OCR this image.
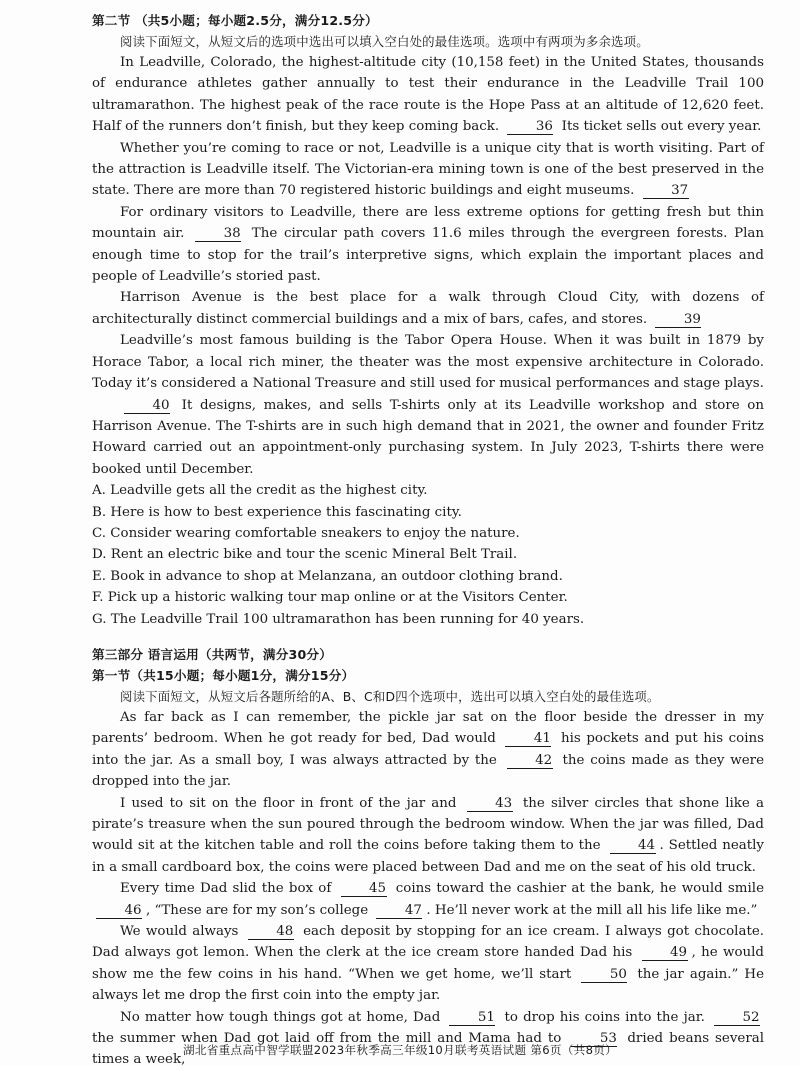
第二节 （共5小题；每小题2.5分，满分12.5分）
阅读下面短文，从短文后的选项中选出可以填入空白处的最佳选项。选项中有两项为多余选项。

In Leadville, Colorado, the highest-altitude city (10,158 feet) in the United States, thousands of endurance athletes gather annually to test their endurance in the Leadville Trail 100 ultramarathon. The highest peak of the race route is the Hope Pass at an altitude of 12,620 feet. Half of the runners don’t finish, but they keep coming back.	36 Its ticket sells out every year.

Whether you’re coming to race or not, Leadville is a unique city that is worth visiting. Part of the attraction is Leadville itself. The Victorian-era mining town is one of the best preserved in the state. There are more than 70 registered historic buildings and eight museums.	37

For ordinary visitors to Leadville, there are less extreme options for getting fresh but thin mountain air.	38 The circular path covers 11.6 miles through the evergreen forests. Plan enough time to stop for the trail’s interpretive signs, which explain the important places and people of Leadville’s storied past.

Harrison Avenue is the best place for a walk through Cloud City, with dozens of architecturally distinct commercial buildings and a mix of bars, cafes, and stores.	39

Leadville’s most famous building is the Tabor Opera House. When it was built in 1879 by Horace Tabor, a local rich miner, the theater was the most expensive architecture in Colorado. Today it’s considered a National Treasure and still used for musical performances and stage plays.

40 It designs, makes, and sells T-shirts only at its Leadville workshop and store on Harrison Avenue. The T-shirts are in such high demand that in 2021, the owner and founder Fritz Howard carried out an appointment-only purchasing system. In July 2023, T-shirts there were booked until December.

A. Leadville gets all the credit as the highest city.

B. Here is how to best experience this fascinating city.

C. Consider wearing comfortable sneakers to enjoy the nature.

D. Rent an electric bike and tour the scenic Mineral Belt Trail.

E. Book in advance to shop at Melanzana, an outdoor clothing brand.

F. Pick up a historic walking tour map online or at the Visitors Center.

G. The Leadville Trail 100 ultramarathon has been running for 40 years.

第三部分 语言运用（共两节，满分30分）
第一节（共15小题；每小题1分，满分15分）
阅读下面短文，从短文后各题所给的A、B、C和D四个选项中，选出可以填入空白处的最佳选项。

As far back as I can remember, the pickle jar sat on the floor beside the dresser in my parents’ bedroom. When he got ready for bed, Dad would	41 his pockets and put his coins into the jar. As a small boy, I was always attracted by the	42 the coins made as they were dropped into the jar.

I used to sit on the floor in front of the jar and	43 the silver circles that shone like a pirate’s treasure when the sun poured through the bedroom window. When the jar was filled, Dad would sit at the kitchen table and roll the coins before taking them to the	44 . Settled neatly in a small cardboard box, the coins were placed between Dad and me on the seat of his old truck.

Every time Dad slid the box of	45 coins toward the cashier at the bank, he would smile 46 , “These are for my son’s college	47 . He’ll never work at the mill all his life like me.”

We would always	48 each deposit by stopping for an ice cream. I always got chocolate. Dad always got lemon. When the clerk at the ice cream store handed Dad his	49 , he would show me the few coins in his hand. “When we get home, we’ll start	50 the jar again.” He always let me drop the first coin into the empty jar.

No matter how tough things got at home, Dad	51 to drop his coins into the jar.	52 the summer when Dad got laid off from the mill and Mama had to	53 dried beans several times a week,

湖北省重点高中智学联盟2023年秋季高三年级10月联考英语试题 第6页（共8页）
